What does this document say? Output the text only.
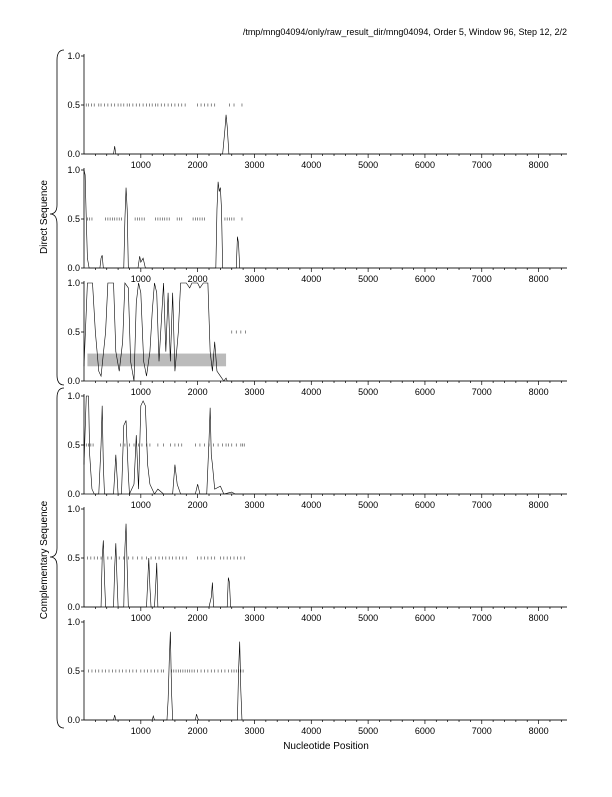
/tmp/mng04094/only/raw_result_dir/mng04094, Order 5, Window 96, Step 12, 2/2
0.0
0.5
1.0
1000	2000	3000	4000	5000	6000	7000	8000
0.0
0.5
1.0
1000	2000	3000	4000	5000	6000	7000	8000
0.0
0.5
1.0
1000	2000	3000	4000	5000	6000	7000	8000
0.0
0.5
1.0
1000	2000	3000	4000	5000	6000	7000	8000
0.0
0.5
1.0
1000	2000	3000	4000	5000	6000	7000	8000
0.0
0.5
1.0
1000	2000	3000	4000	5000	6000	7000	8000
Direct Sequence
Complementary Sequence
Nucleotide Position
